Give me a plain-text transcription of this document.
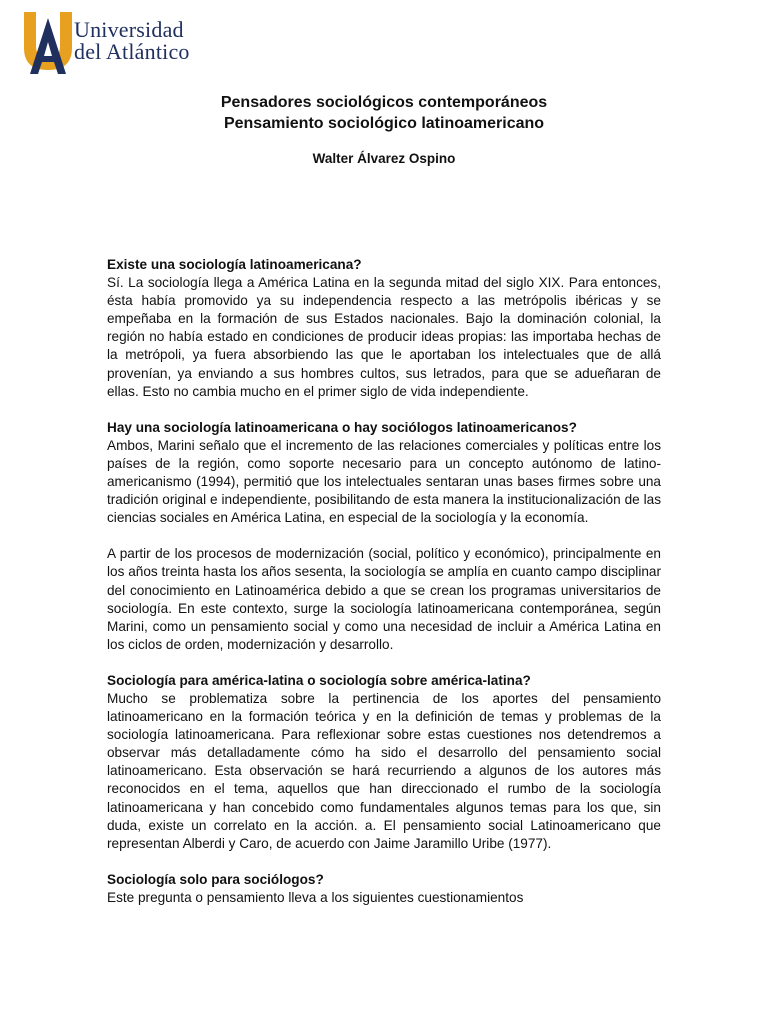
Universidad
del Atlántico

Pensadores sociológicos contemporáneos

Pensamiento sociológico latinoamericano

Walter Álvarez Ospino

Existe una sociología latinoamericana?

Sí. La sociología llega a América Latina en la segunda mitad del siglo XIX. Para entonces, ésta había promovido ya su independencia respecto a las metrópolis ibéricas y se empeñaba en la formación de sus Estados nacionales. Bajo la dominación colonial, la región no había estado en condiciones de producir ideas propias: las importaba hechas de la metrópoli, ya fuera absorbiendo las que le aportaban los intelectuales que de allá provenían, ya enviando a sus hombres cultos, sus letrados, para que se adueñaran de ellas. Esto no cambia mucho en el primer siglo de vida independiente.

Hay una sociología latinoamericana o hay sociólogos latinoamericanos?

Ambos, Marini señalo que el incremento de las relaciones comerciales y políticas entre los países de la región, como soporte necesario para un concepto autónomo de latino-americanismo (1994), permitió que los intelectuales sentaran unas bases firmes sobre una tradición original e independiente, posibilitando de esta manera la institucionalización de las ciencias sociales en América Latina, en especial de la sociología y la economía.

A partir de los procesos de modernización (social, político y económico), principalmente en los años treinta hasta los años sesenta, la sociología se amplía en cuanto campo disciplinar del conocimiento en Latinoamérica debido a que se crean los programas universitarios de sociología. En este contexto, surge la sociología latinoamericana contemporánea, según Marini, como un pensamiento social y como una necesidad de incluir a América Latina en los ciclos de orden, modernización y desarrollo.

Sociología para américa-latina o sociología sobre américa-latina?

Mucho se problematiza sobre la pertinencia de los aportes del pensamiento latinoamericano en la formación teórica y en la definición de temas y problemas de la sociología latinoamericana. Para reflexionar sobre estas cuestiones nos detendremos a observar más detalladamente cómo ha sido el desarrollo del pensamiento social latinoamericano. Esta observación se hará recurriendo a algunos de los autores más reconocidos en el tema, aquellos que han direccionado el rumbo de la sociología latinoamericana y han concebido como fundamentales algunos temas para los que, sin duda, existe un correlato en la acción. a. El pensamiento social Latinoamericano que representan Alberdi y Caro, de acuerdo con Jaime Jaramillo Uribe (1977).

Sociología solo para sociólogos?

Este pregunta o pensamiento lleva a los siguientes cuestionamientos
